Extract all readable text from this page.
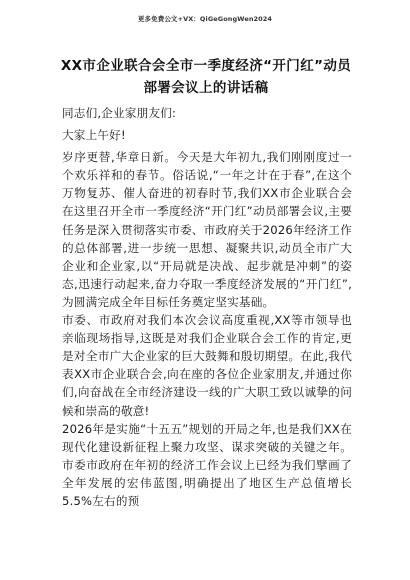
更多免费公文+VX：QiGeGongWen2024
XX市企业联合会全市一季度经济“开门红”动员部署会议上的讲话稿

同志们,企业家朋友们:

大家上午好!

岁序更替,华章日新。今天是大年初九,我们刚刚度过一个欢乐祥和的春节。俗话说,“一年之计在于春”,在这个万物复苏、催人奋进的初春时节,我们XX市企业联合会在这里召开全市一季度经济“开门红”动员部署会议,主要任务是深入贯彻落实市委、市政府关于2026年经济工作的总体部署,进一步统一思想、凝聚共识,动员全市广大企业和企业家,以“开局就是决战、起步就是冲刺”的姿态,迅速行动起来,奋力夺取一季度经济发展的“开门红”,为圆满完成全年目标任务奠定坚实基础。

市委、市政府对我们本次会议高度重视,XX等市领导也亲临现场指导,这既是对我们企业联合会工作的肯定,更是对全市广大企业家的巨大鼓舞和殷切期望。在此,我代表XX市企业联合会,向在座的各位企业家朋友,并通过你们,向奋战在全市经济建设一线的广大职工致以诚挚的问候和崇高的敬意!

2026年是实施“十五五”规划的开局之年,也是我们XX在现代化建设新征程上聚力攻坚、谋求突破的关键之年。市委市政府在年初的经济工作会议上已经为我们擘画了全年发展的宏伟蓝图,明确提出了地区生产总值增长5.5%左右的预
